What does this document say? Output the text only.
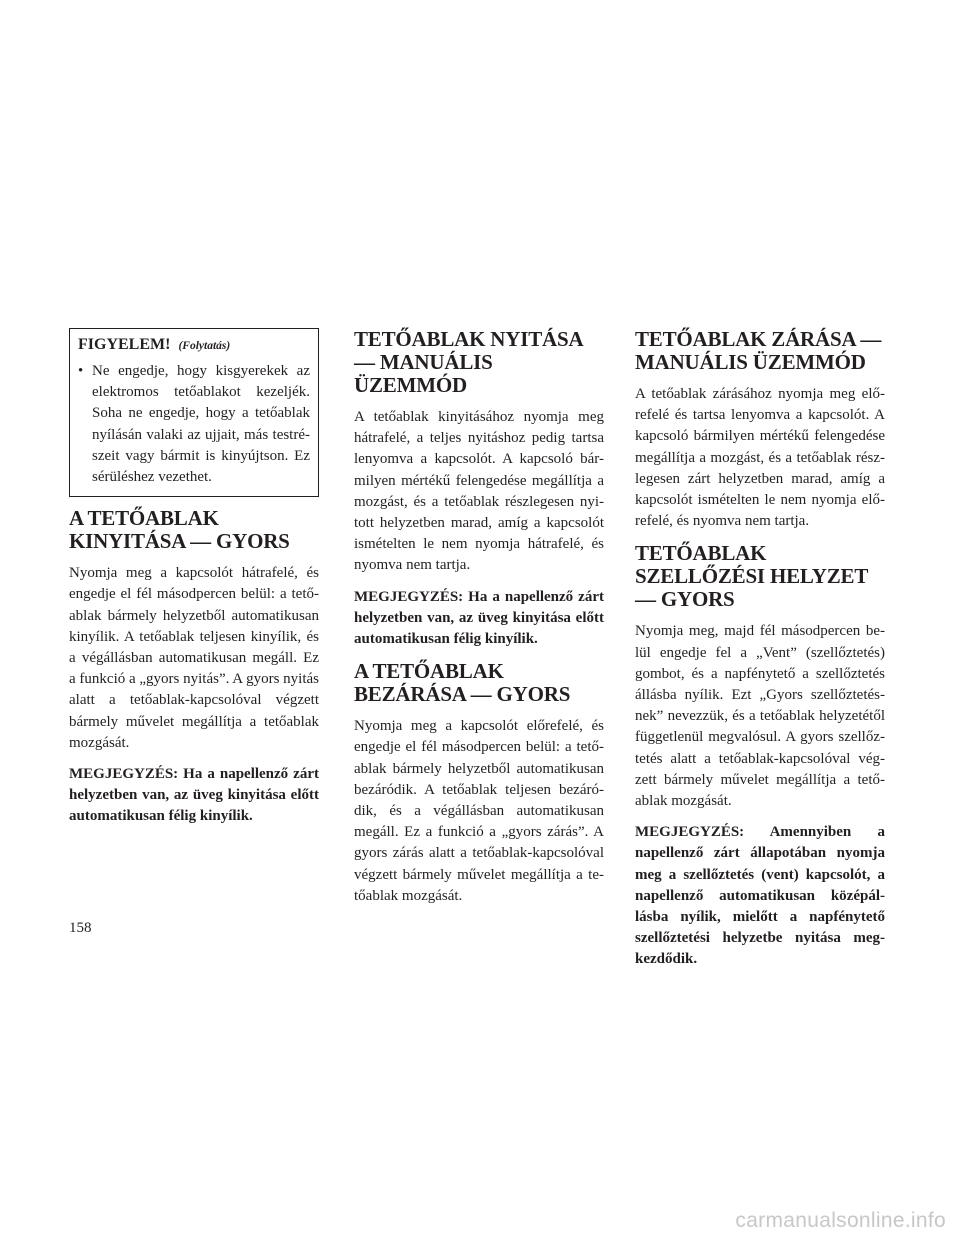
FIGYELEM! (Folytatás)
• Ne engedje, hogy kisgyerekek az elektromos tetőablakot kezeljék. Soha ne engedje, hogy a tetőablak nyílásán valaki az ujjait, más testré-szeit vagy bármit is kinyújtson. Ez sérüléshez vezethet.
A TETŐABLAK KINYITÁSA — GYORS

Nyomja meg a kapcsolót hátrafelé, és engedje el fél másodpercen belül: a tető-ablak bármely helyzetből automatikusan kinyílik. A tetőablak teljesen kinyílik, és a végállásban automatikusan megáll. Ez a funkció a „gyors nyitás”. A gyors nyitás alatt a tetőablak-kapcsolóval végzett bármely művelet megállítja a tetőablak mozgását.

MEGJEGYZÉS: Ha a napellenző zárt helyzetben van, az üveg kinyitása előtt automatikusan félig kinyílik.

TETŐABLAK NYITÁSA — MANUÁLIS ÜZEMMÓD

A tetőablak kinyitásához nyomja meg hátrafelé, a teljes nyitáshoz pedig tartsa lenyomva a kapcsolót. A kapcsoló bár-milyen mértékű felengedése megállítja a mozgást, és a tetőablak részlegesen nyi-tott helyzetben marad, amíg a kapcsolót ismételten le nem nyomja hátrafelé, és nyomva nem tartja.

MEGJEGYZÉS: Ha a napellenző zárt helyzetben van, az üveg kinyitása előtt automatikusan félig kinyílik.

A TETŐABLAK BEZÁRÁSA — GYORS

Nyomja meg a kapcsolót előrefelé, és engedje el fél másodpercen belül: a tető-ablak bármely helyzetből automatikusan bezáródik. A tetőablak teljesen bezáró-dik, és a végállásban automatikusan megáll. Ez a funkció a „gyors zárás”. A gyors zárás alatt a tetőablak-kapcsolóval végzett bármely művelet megállítja a te-tőablak mozgását.

TETŐABLAK ZÁRÁSA — MANUÁLIS ÜZEMMÓD

A tetőablak zárásához nyomja meg elő-refelé és tartsa lenyomva a kapcsolót. A kapcsoló bármilyen mértékű felengedése megállítja a mozgást, és a tetőablak rész-legesen zárt helyzetben marad, amíg a kapcsolót ismételten le nem nyomja elő-refelé, és nyomva nem tartja.

TETŐABLAK SZELLŐZÉSI HELYZET — GYORS

Nyomja meg, majd fél másodpercen be-lül engedje fel a „Vent” (szellőztetés) gombot, és a napfénytető a szellőztetés állásba nyílik. Ezt „Gyors szellőztetés-nek” nevezzük, és a tetőablak helyzetétől függetlenül megvalósul. A gyors szellőz-tetés alatt a tetőablak-kapcsolóval vég-zett bármely művelet megállítja a tető-ablak mozgását.

MEGJEGYZÉS: Amennyiben a napellenző zárt állapotában nyomja meg a szellőztetés (vent) kapcsolót, a napellenző automatikusan középál-lásba nyílik, mielőtt a napfénytető szellőztetési helyzetbe nyitása meg-kezdődik.

158
carmanualsonline.info
